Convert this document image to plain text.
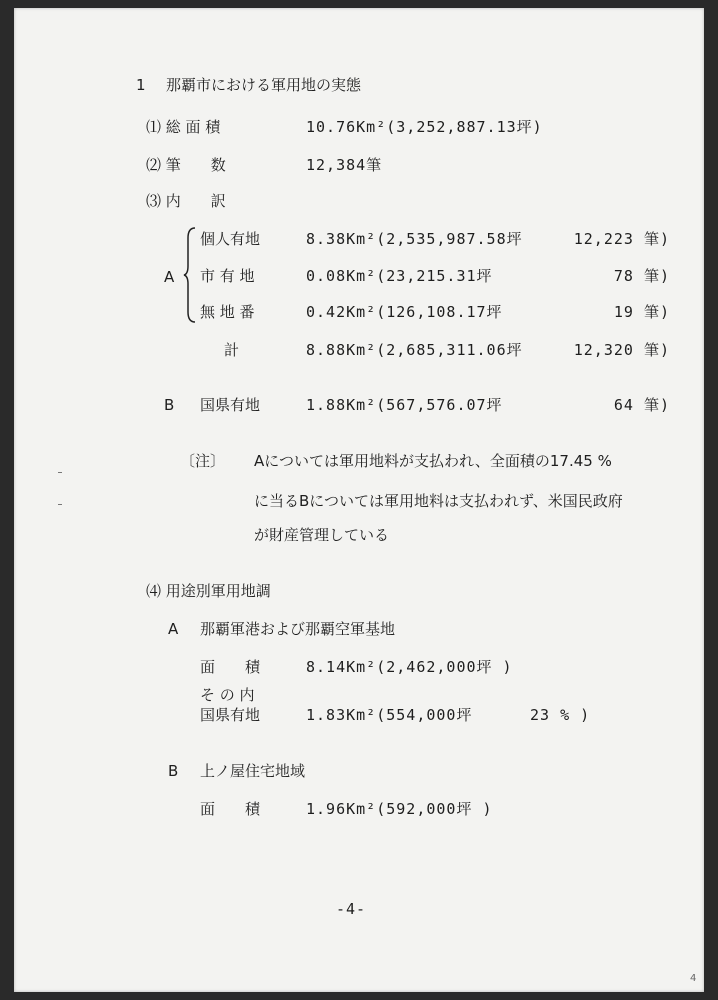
1 那覇市における軍用地の実態
⑴ 総 面 積	10.76Km²(3,252,887.13坪)
⑵ 筆　　数	12,384筆
⑶ 内　　訳
A
個人有地	8.38Km²(2,535,987.58坪	12,223 筆)
市 有 地	0.08Km²(23,215.31坪	78 筆)
無 地 番	0.42Km²(126,108.17坪	19 筆)
計	8.88Km²(2,685,311.06坪	12,320 筆)
B 国県有地	1.88Km²(567,576.07坪	64 筆)
〔注〕 Aについては軍用地料が支払われ、全面積の17.45 %
に当るBについては軍用地料は支払われず、米国民政府
が財産管理している
⑷ 用途別軍用地調
A 那覇軍港および那覇空軍基地
面　　積	8.14Km²(2,462,000坪 )
そ の 内
国県有地	1.83Km²(554,000坪	23 % )
B 上ノ屋住宅地域
面　　積	1.96Km²(592,000坪 )
-4-
4
